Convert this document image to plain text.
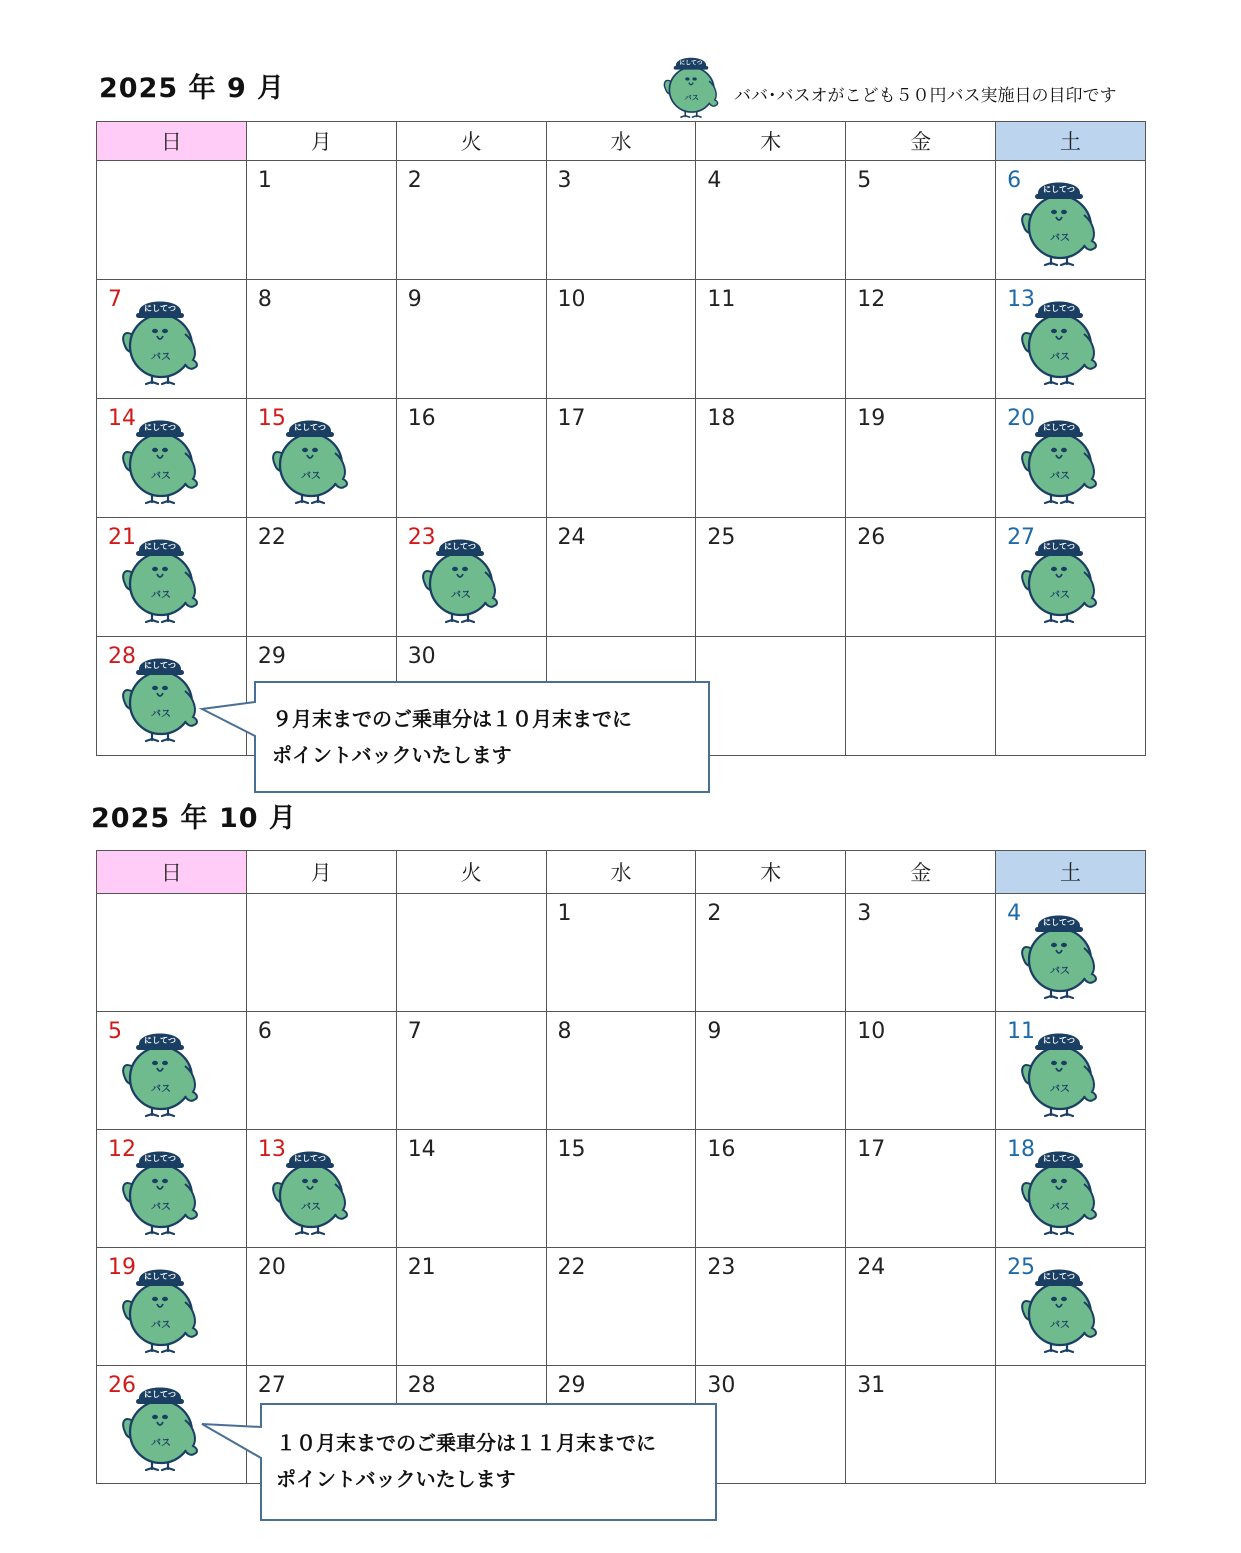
2025 年 9 月
にしてつ
バス ババ･バスオがこども５０円バス実施日の目印です
日	月	火	水	木	金	土

	1	2	3	4	5	6 にしてつ
バス

7 にしてつ
バス	8	9	10	11	12	13 にしてつ
バス

14 にしてつ
バス	15 にしてつ
バス	16	17	18	19	20 にしてつ
バス

21 にしてつ
バス	22	23 にしてつ
バス	24	25	26	27 にしてつ
バス

28 にしてつ
バス	29	30				

９月末までのご乗車分は１０月末までに
ポイントバックいたします
2025 年 10 月
日	月	火	水	木	金	土

			1	2	3	4 にしてつ
バス

5 にしてつ
バス	6	7	8	9	10	11 にしてつ
バス

12 にしてつ
バス	13 にしてつ
バス	14	15	16	17	18 にしてつ
バス

19 にしてつ
バス	20	21	22	23	24	25 にしてつ
バス

26 にしてつ
バス	27	28	29	30	31	

１０月末までのご乗車分は１１月末までに
ポイントバックいたします
